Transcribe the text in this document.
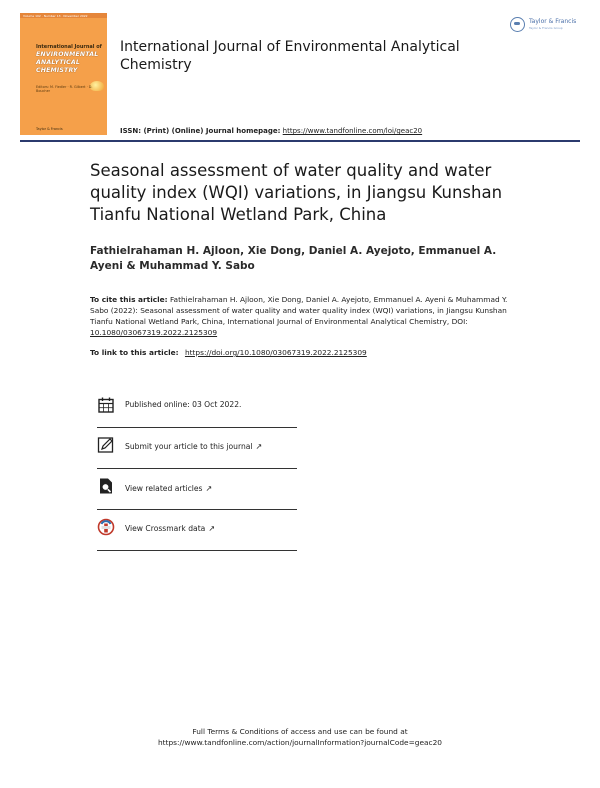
Volume 102 · Number 13 · November 2022
International Journal of
ENVIRONMENTAL
ANALYTICAL
CHEMISTRY
Editors: M. Fiedler · R. Gilbert · D. Boucher
Taylor & Francis
International Journal of Environmental Analytical Chemistry
ISSN: (Print) (Online) Journal homepage: https://www.tandfonline.com/loi/geac20
Taylor & Francis
Taylor & Francis Group
Seasonal assessment of water quality and water quality index (WQI) variations, in Jiangsu Kunshan Tianfu National Wetland Park, China
Fathielrahaman H. Ajloon, Xie Dong, Daniel A. Ayejoto, Emmanuel A. Ayeni & Muhammad Y. Sabo
To cite this article: Fathielrahaman H. Ajloon, Xie Dong, Daniel A. Ayejoto, Emmanuel A. Ayeni & Muhammad Y. Sabo (2022): Seasonal assessment of water quality and water quality index (WQI) variations, in Jiangsu Kunshan Tianfu National Wetland Park, China, International Journal of Environmental Analytical Chemistry, DOI: 10.1080/03067319.2022.2125309
To link to this article: https://doi.org/10.1080/03067319.2022.2125309
Published online: 03 Oct 2022.
Submit your article to this journal ↗
View related articles ↗
View Crossmark data ↗
Full Terms & Conditions of access and use can be found at
https://www.tandfonline.com/action/journalInformation?journalCode=geac20
